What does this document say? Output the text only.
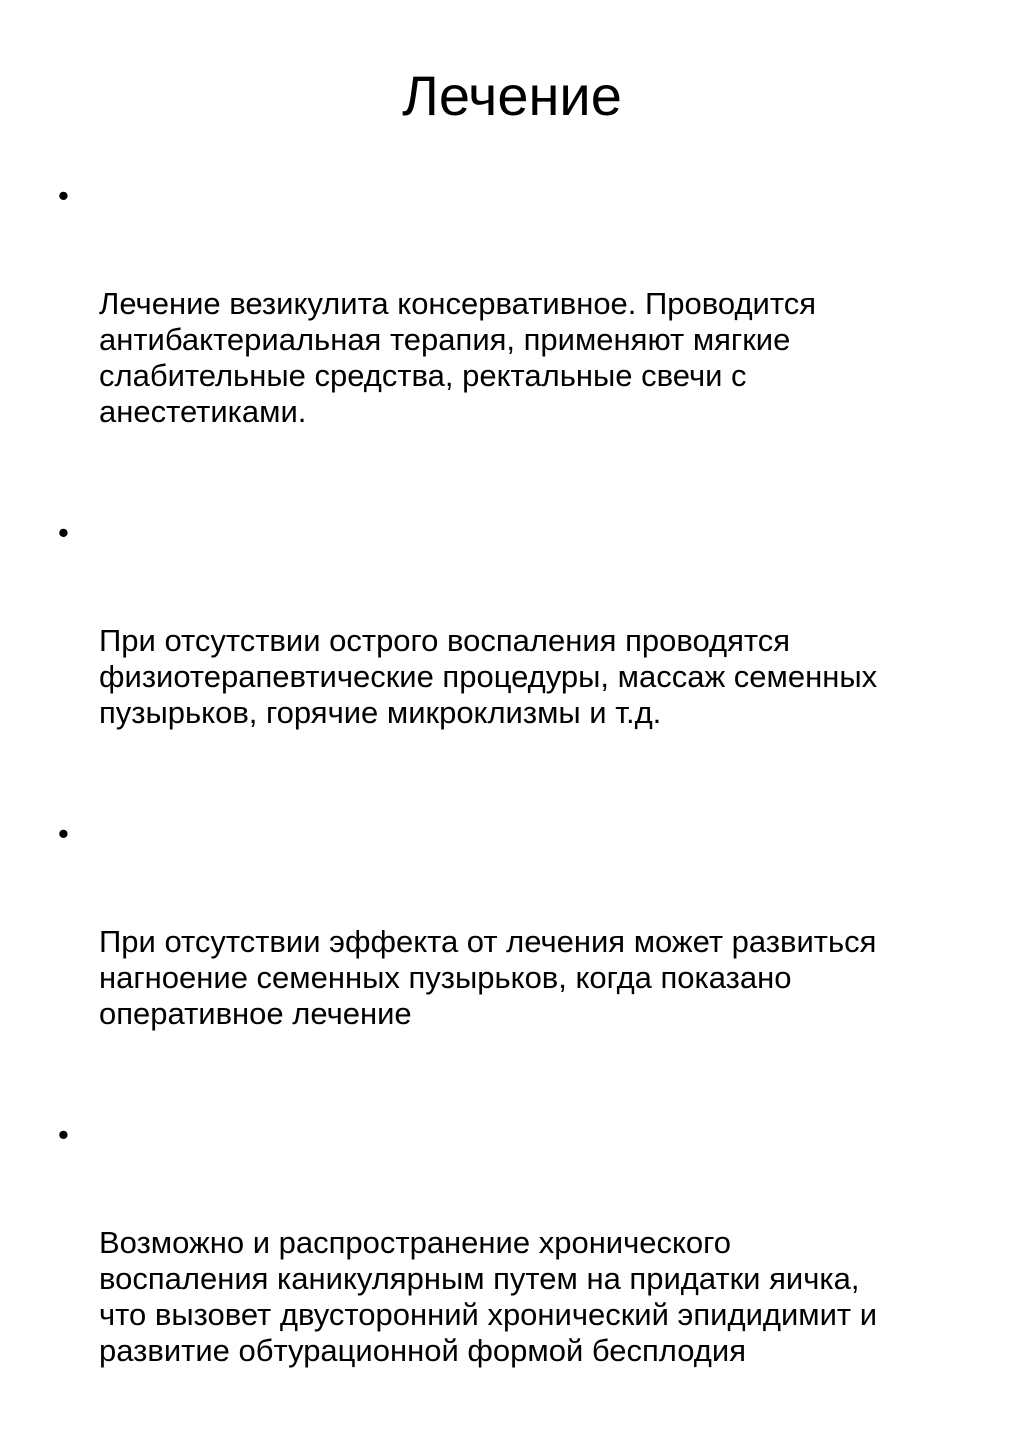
Лечение

•

Лечение везикулита консервативное. Проводится
антибактериальная терапия, применяют мягкие
слабительные средства, ректальные свечи с
анестетиками.

•

При отсутствии острого воспаления проводятся
физиотерапевтические процедуры, массаж семенных
пузырьков, горячие микроклизмы и т.д.

•

При отсутствии эффекта от лечения может развиться
нагноение семенных пузырьков, когда показано
оперативное лечение

•

Возможно и распространение хронического
воспаления каникулярным путем на придатки яичка,
что вызовет двусторонний хронический эпидидимит и
развитие обтурационной формой бесплодия
